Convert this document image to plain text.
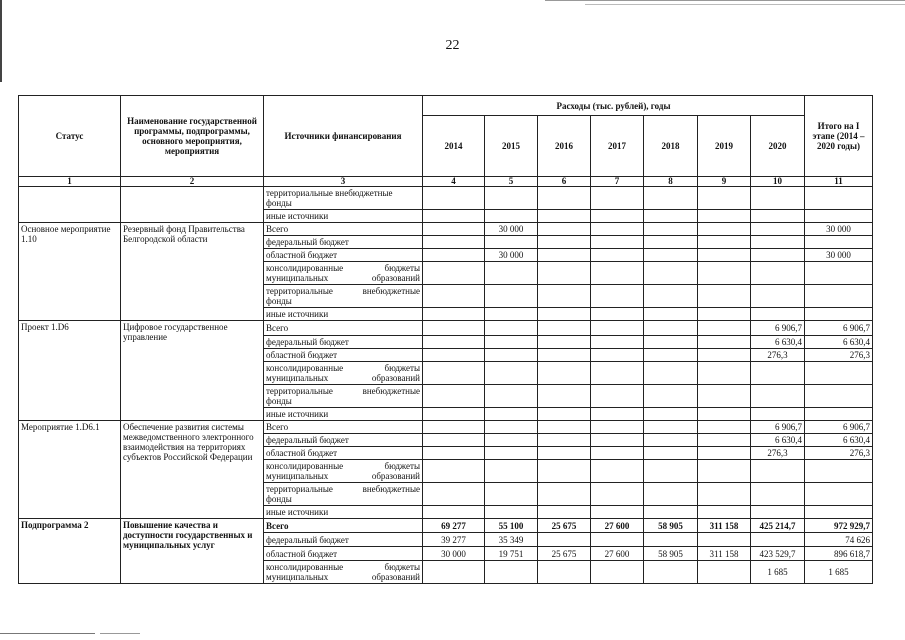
22
Статус	Наименование государственной программы, подпрограммы, основного мероприятия, мероприятия	Источники финансирования	Расходы (тыс. рублей), годы							Итого на I этапе (2014 – 2020 годы)
			2014	2015	2016	2017	2018	2019	2020	
1	2	3	4	5	6	7	8	9	10	11
		территориальные внебюджетные фонды								
		иные источники								
Основное мероприятие 1.10	Резервный фонд Правительства Белгородской области	Всего		30 000						30 000
		федеральный бюджет								
		областной бюджет		30 000						30 000
		консолидированные бюджеты муниципальных образований								
		территориальные внебюджетные фонды								
		иные источники								
Проект 1.D6	Цифровое государственное управление	Всего							6 906,7	6 906,7
		федеральный бюджет							6 630,4	6 630,4
		областной бюджет							276,3	276,3
		консолидированные бюджеты муниципальных образований								
		территориальные внебюджетные фонды								
		иные источники								
Мероприятие 1.D6.1	Обеспечение развития системы межведомственного электронного взаимодействия на территориях субъектов Российской Федерации	Всего							6 906,7	6 906,7
		федеральный бюджет							6 630,4	6 630,4
		областной бюджет							276,3	276,3
		консолидированные бюджеты муниципальных образований								
		территориальные внебюджетные фонды								
		иные источники								
Подпрограмма 2	Повышение качества и доступности государственных и муниципальных услуг	Всего	69 277	55 100	25 675	27 600	58 905	311 158	425 214,7	972 929,7
		федеральный бюджет	39 277	35 349						74 626
		областной бюджет	30 000	19 751	25 675	27 600	58 905	311 158	423 529,7	896 618,7
		консолидированные бюджеты муниципальных образований							1 685	1 685
